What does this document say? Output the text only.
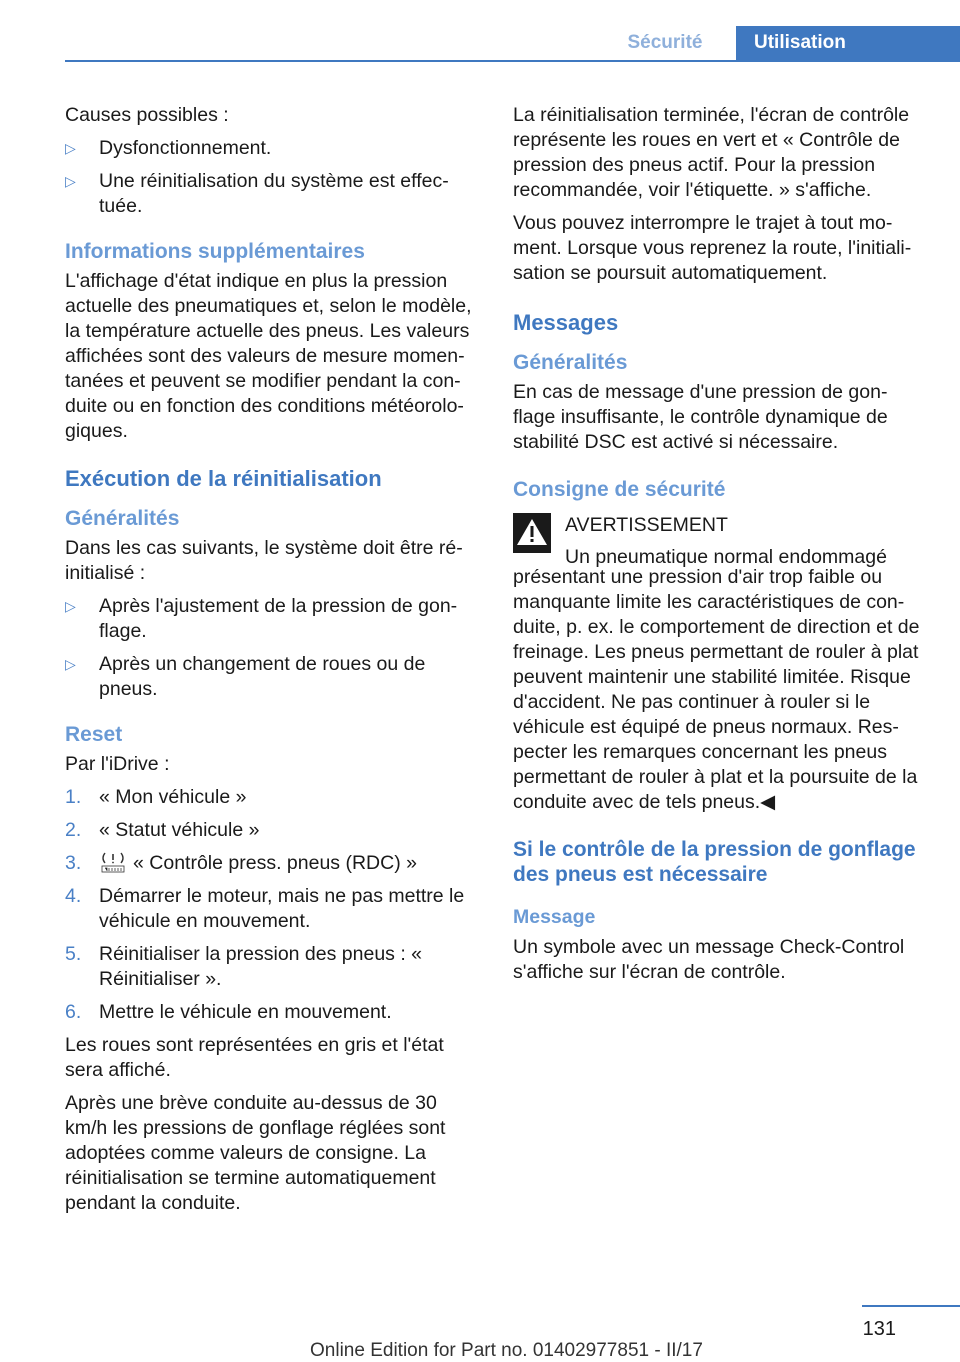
Sécurité	Utilisation

Causes possibles :

▷	Dysfonctionnement.
▷	Une réinitialisation du système est effec‐tuée.
Informations supplémentaires

L'affichage d'état indique en plus la pression actuelle des pneumatiques et, selon le modèle, la température actuelle des pneus. Les valeurs affichées sont des valeurs de mesure momen‐tanées et peuvent se modifier pendant la con‐duite ou en fonction des conditions météorolo‐giques.

Exécution de la réinitialisation
Généralités

Dans les cas suivants, le système doit être ré‐initialisé :

▷	Après l'ajustement de la pression de gon‐flage.
▷	Après un changement de roues ou de pneus.
Reset

Par l'iDrive :

1. « Mon véhicule »
2. « Statut véhicule »
3.	« Contrôle press. pneus (RDC) »
4. Démarrer le moteur, mais ne pas mettre le véhicule en mouvement.
5. Réinitialiser la pression des pneus : « Réinitialiser ».
6. Mettre le véhicule en mouvement.

Les roues sont représentées en gris et l'état sera affiché.

Après une brève conduite au-dessus de 30 km/h les pressions de gonflage réglées sont adoptées comme valeurs de consigne. La réinitialisation se termine automatiquement pendant la conduite.

La réinitialisation terminée, l'écran de contrôle représente les roues en vert et « Contrôle de pression des pneus actif. Pour la pression recommandée, voir l'étiquette. » s'affiche.

Vous pouvez interrompre le trajet à tout mo‐ment. Lorsque vous reprenez la route, l'initiali‐sation se poursuit automatiquement.

Messages
Généralités

En cas de message d'une pression de gon‐flage insuffisante, le contrôle dynamique de stabilité DSC est activé si nécessaire.

Consigne de sécurité
AVERTISSEMENT
Un pneumatique normal endommagé

présentant une pression d'air trop faible ou manquante limite les caractéristiques de con‐duite, p. ex. le comportement de direction et de freinage. Les pneus permettant de rouler à plat peuvent maintenir une stabilité limitée. Risque d'accident. Ne pas continuer à rouler si le véhicule est équipé de pneus normaux. Res‐pecter les remarques concernant les pneus permettant de rouler à plat et la poursuite de la conduite avec de tels pneus.◀

Si le contrôle de la pression de gonflage des pneus est nécessaire
Message

Un symbole avec un message Check-Control s'affiche sur l'écran de contrôle.

131
Online Edition for Part no. 01402977851 - II/17
